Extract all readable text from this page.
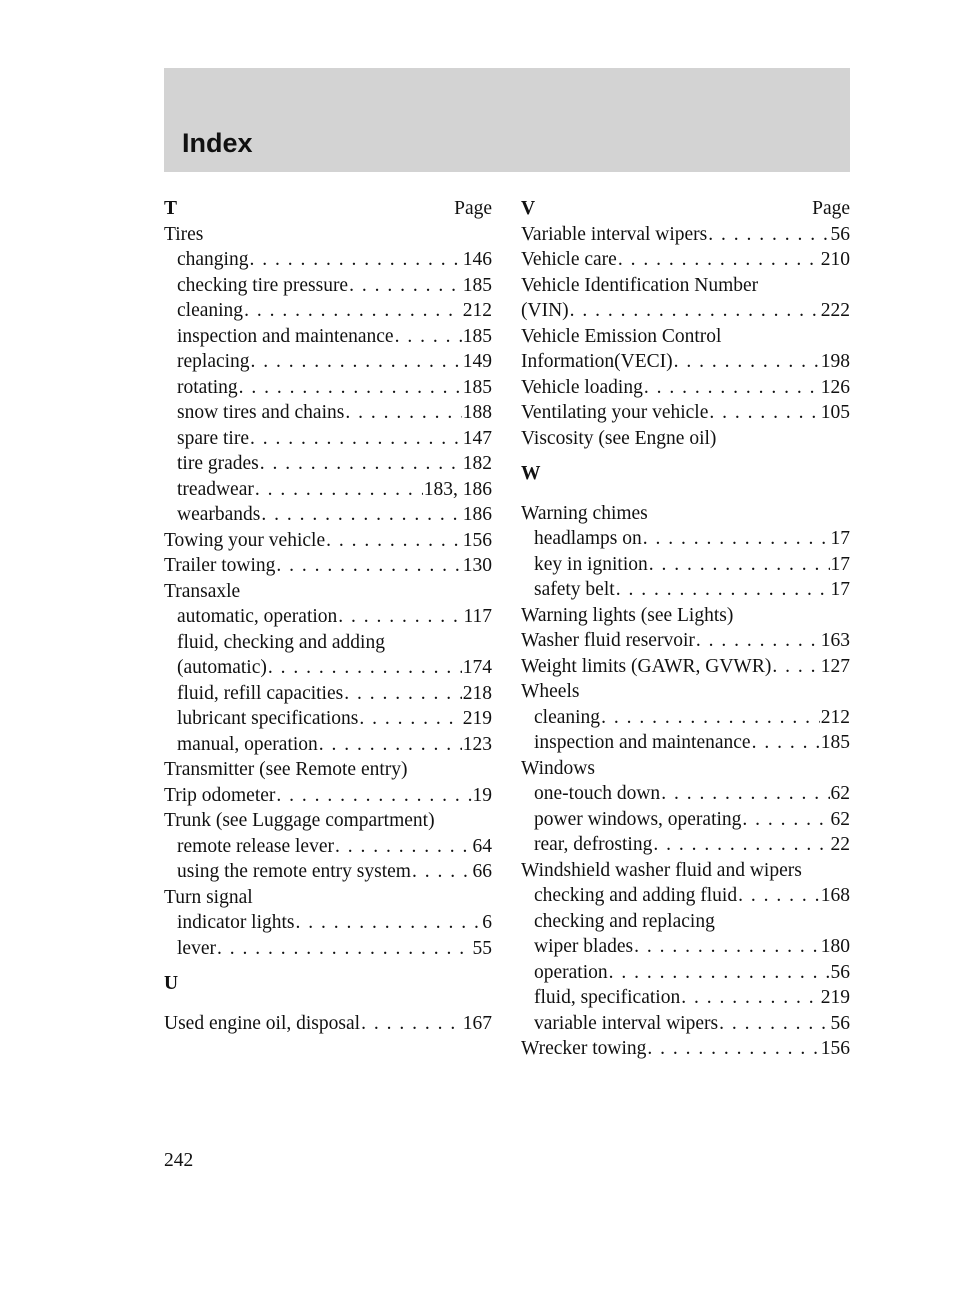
Index
T	Page
Tires
changing . . .	146
checking tire pressure . . .	185
cleaning . . .	212
inspection and maintenance . . .	185
replacing . . .	149
rotating . . .	185
snow tires and chains . . .	188
spare tire . . .	147
tire grades . . .	182
treadwear . . .	183, 186
wearbands . . .	186
Towing your vehicle . . .	156
Trailer towing . . .	130
Transaxle
automatic, operation . . .	117
fluid, checking and adding
(automatic) . . .	174
fluid, refill capacities . . .	218
lubricant specifications . . .	219
manual, operation . . .	123
Transmitter (see Remote entry)
Trip odometer . . .	19
Trunk (see Luggage compartment)
remote release lever . . .	64
using the remote entry system . . .	66
Turn signal
indicator lights . . .	6
lever . . .	55
U
Used engine oil, disposal . . .	167
V	Page
Variable interval wipers . . .	56
Vehicle care . . .	210
Vehicle Identification Number
(VIN) . . .	222
Vehicle Emission Control
Information(VECI) . . .	198
Vehicle loading . . .	126
Ventilating your vehicle . . .	105
Viscosity (see Engne oil)
W
Warning chimes
headlamps on . . .	17
key in ignition . . .	17
safety belt . . .	17
Warning lights (see Lights)
Washer fluid reservoir . . .	163
Weight limits (GAWR, GVWR) . . .	127
Wheels
cleaning . . .	212
inspection and maintenance . . .	185
Windows
one-touch down . . .	62
power windows, operating . . .	62
rear, defrosting . . .	22
Windshield washer fluid and wipers
checking and adding fluid . . .	168
checking and replacing
wiper blades . . .	180
operation . . .	56
fluid, specification . . .	219
variable interval wipers . . .	56
Wrecker towing . . .	156
242
